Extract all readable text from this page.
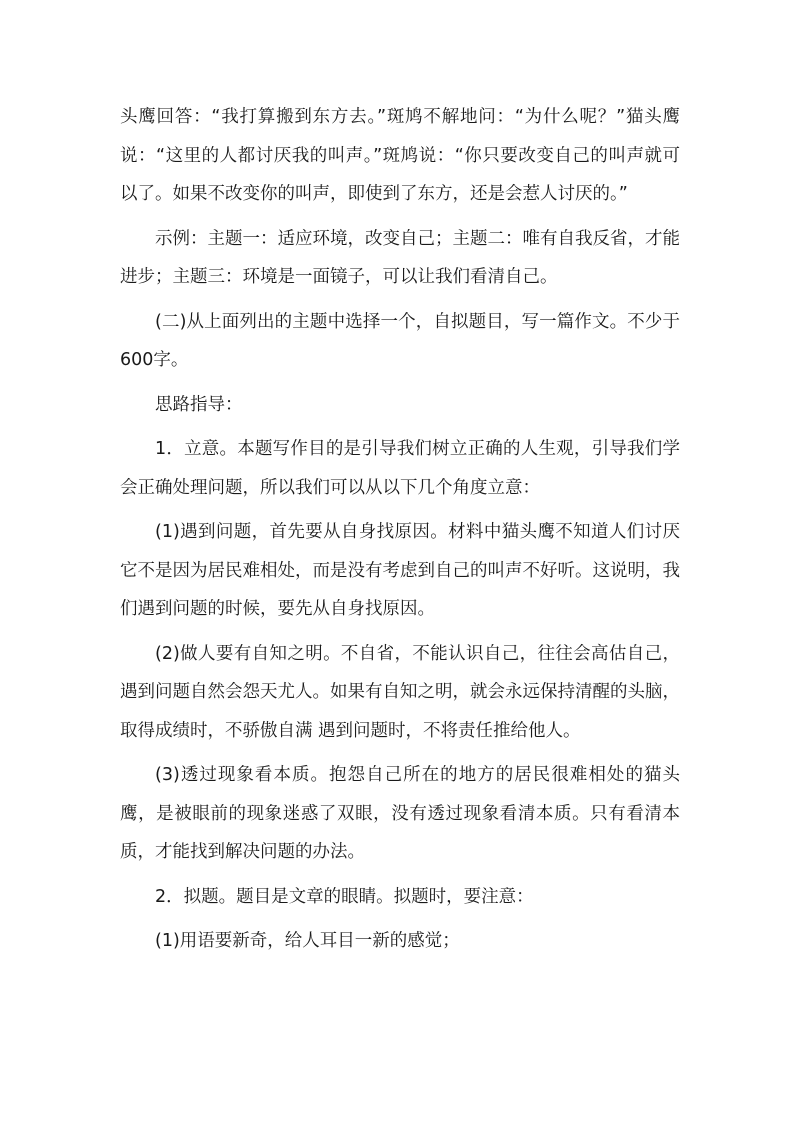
头鹰回答：“我打算搬到东方去。”斑鸠不解地问：“为什么呢？”猫头鹰说：“这里的人都讨厌我的叫声。”斑鸠说：“你只要改变自己的叫声就可以了。如果不改变你的叫声，即使到了东方，还是会惹人讨厌的。”

示例：主题一：适应环境，改变自己；主题二：唯有自我反省，才能进步；主题三：环境是一面镜子，可以让我们看清自己。

(二)从上面列出的主题中选择一个，自拟题目，写一篇作文。不少于600字。

思路指导：

1．立意。本题写作目的是引导我们树立正确的人生观，引导我们学会正确处理问题，所以我们可以从以下几个角度立意：

(1)遇到问题，首先要从自身找原因。材料中猫头鹰不知道人们讨厌它不是因为居民难相处，而是没有考虑到自己的叫声不好听。这说明，我们遇到问题的时候，要先从自身找原因。

(2)做人要有自知之明。不自省，不能认识自己，往往会高估自己，遇到问题自然会怨天尤人。如果有自知之明，就会永远保持清醒的头脑，取得成绩时，不骄傲自满 遇到问题时，不将责任推给他人。

(3)透过现象看本质。抱怨自己所在的地方的居民很难相处的猫头鹰，是被眼前的现象迷惑了双眼，没有透过现象看清本质。只有看清本质，才能找到解决问题的办法。

2．拟题。题目是文章的眼睛。拟题时，要注意：

(1)用语要新奇，给人耳目一新的感觉；
